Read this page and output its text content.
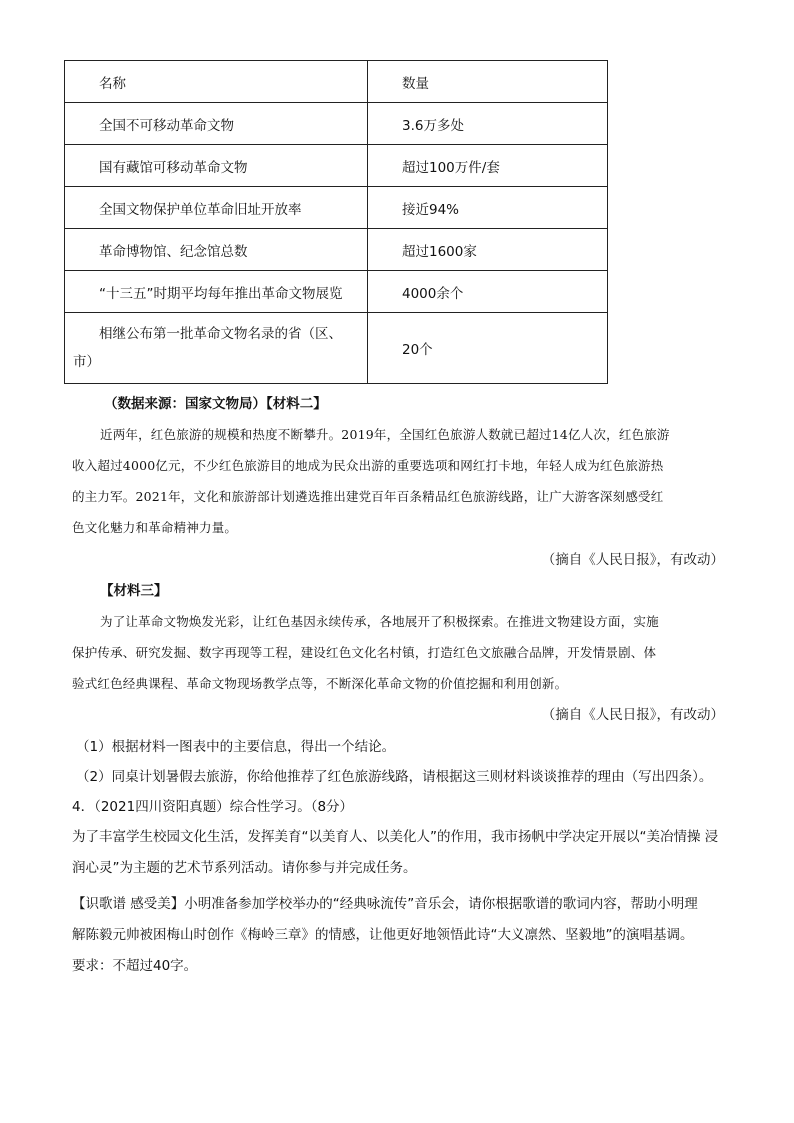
名称	数量
全国不可移动革命文物	3.6万多处
国有藏馆可移动革命文物	超过100万件/套
全国文物保护单位革命旧址开放率	接近94%
革命博物馆、纪念馆总数	超过1600家
“十三五”时期平均每年推出革命文物展览	4000余个

相继公布第一批革命文物名录的省（区、
市）	20个
（数据来源：国家文物局）【材料二】
近两年，红色旅游的规模和热度不断攀升。2019年，全国红色旅游人数就已超过14亿人次，红色旅游
收入超过4000亿元，不少红色旅游目的地成为民众出游的重要选项和网红打卡地，年轻人成为红色旅游热
的主力军。2021年，文化和旅游部计划遴选推出建党百年百条精品红色旅游线路，让广大游客深刻感受红
色文化魅力和革命精神力量。
（摘自《人民日报》，有改动）
【材料三】
为了让革命文物焕发光彩，让红色基因永续传承，各地展开了积极探索。在推进文物建设方面，实施
保护传承、研究发掘、数字再现等工程，建设红色文化名村镇，打造红色文旅融合品牌，开发情景剧、体
验式红色经典课程、革命文物现场教学点等，不断深化革命文物的价值挖掘和利用创新。
（摘自《人民日报》，有改动）
（1）根据材料一图表中的主要信息，得出一个结论。
（2）同桌计划暑假去旅游，你给他推荐了红色旅游线路，请根据这三则材料谈谈推荐的理由（写出四条）。
4．（2021四川资阳真题）综合性学习。（8分）
为了丰富学生校园文化生活，发挥美育“以美育人、以美化人”的作用，我市扬帆中学决定开展以“美冶情操 浸
润心灵”为主题的艺术节系列活动。请你参与并完成任务。
【识歌谱 感受美】小明准备参加学校举办的“经典咏流传”音乐会，请你根据歌谱的歌词内容，帮助小明理
解陈毅元帅被困梅山时创作《梅岭三章》的情感，让他更好地领悟此诗“大义凛然、坚毅地”的演唱基调。
要求：不超过40字。
